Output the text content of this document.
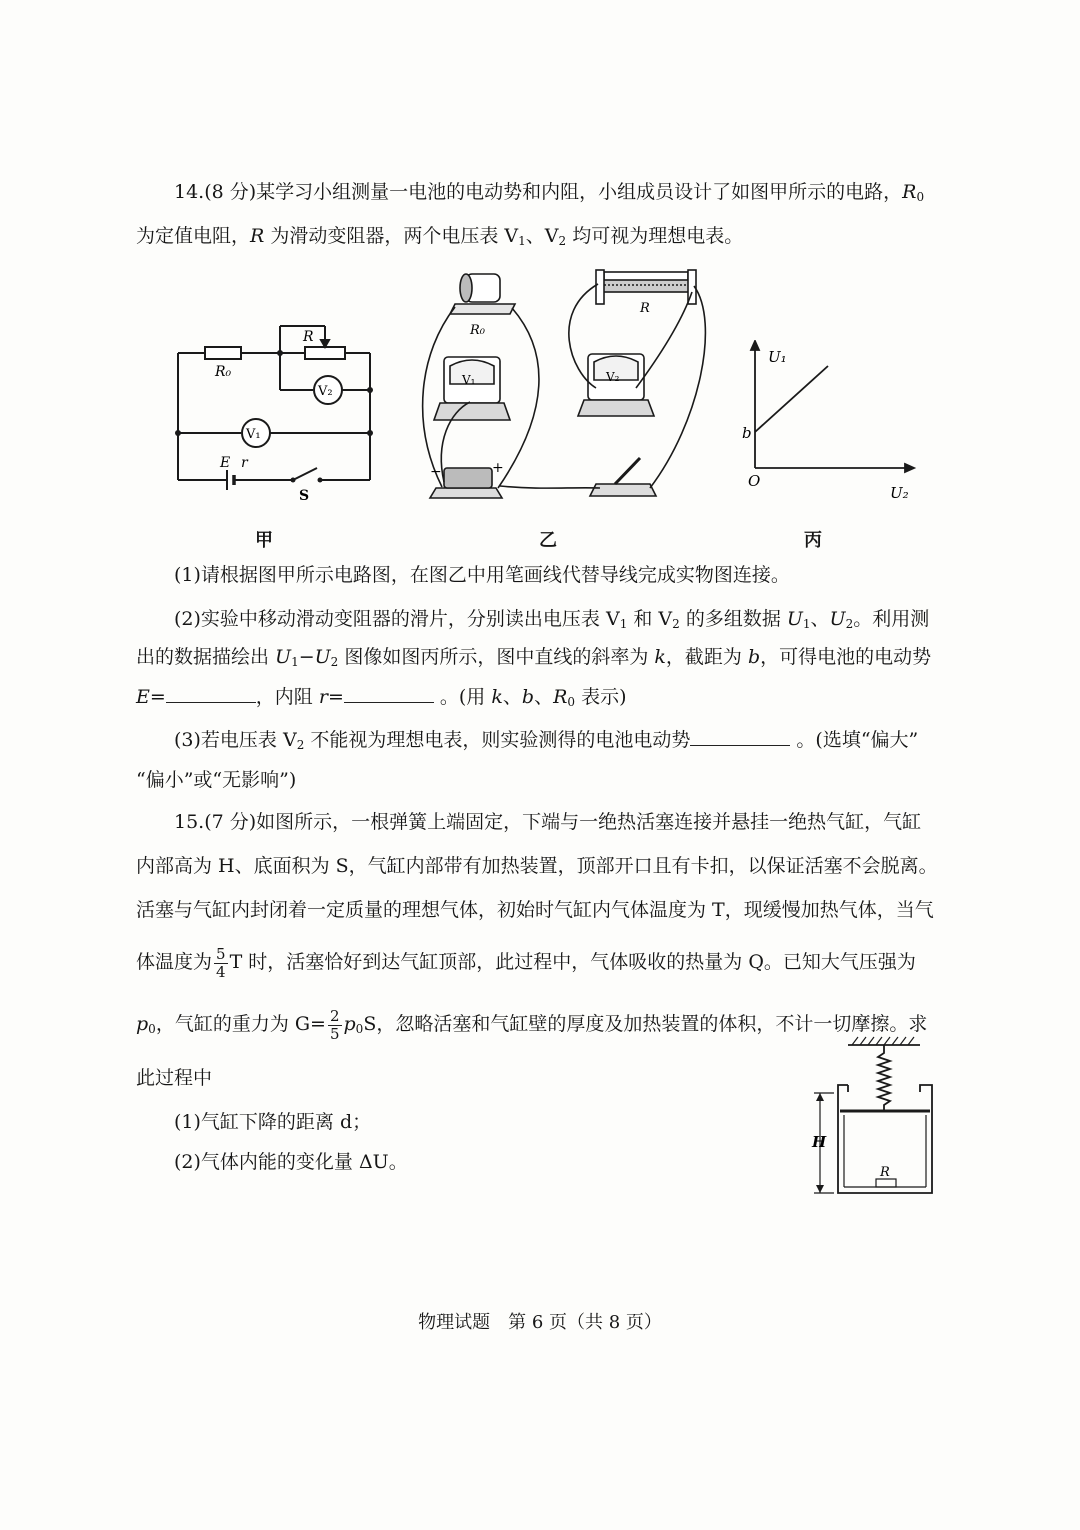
14.(8 分)某学习小组测量一电池的电动势和内阻，小组成员设计了如图甲所示的电路，$R_0$
为定值电阻，R 为滑动变阻器，两个电压表 $V_1$、$V_2$ 均可视为理想电表。
R₀
R
V₂
V₁
E r
S
R₀
R
V₁	V₂
−	+
U₁
b
O
U₂
甲	乙	丙
(1)请根据图甲所示电路图，在图乙中用笔画线代替导线完成实物图连接。
(2)实验中移动滑动变阻器的滑片，分别读出电压表 $V_1$ 和 $V_2$ 的多组数据 $U_1$、$U_2$。利用测
出的数据描绘出 $U_1-U_2$ 图像如图丙所示，图中直线的斜率为 k，截距为 b，可得电池的电动势
E=	，内阻 r=	。(用 k、b、$R_0$ 表示)
(3)若电压表 $V_2$ 不能视为理想电表，则实验测得的电池电动势	。(选填“偏大”
“偏小”或“无影响”)
15.(7 分)如图所示，一根弹簧上端固定，下端与一绝热活塞连接并悬挂一绝热气缸，气缸
内部高为 H、底面积为 S，气缸内部带有加热装置，顶部开口且有卡扣，以保证活塞不会脱离。
活塞与气缸内封闭着一定质量的理想气体，初始时气缸内气体温度为 T，现缓慢加热气体，当气
体温度为 $\frac{5}{4}$ T 时，活塞恰好到达气缸顶部，此过程中，气体吸收的热量为 Q。已知大气压强为
$p_0$，气缸的重力为 $G= \frac{2}{5} p_0S$，忽略活塞和气缸壁的厚度及加热装置的体积，不计一切摩擦。求
此过程中
(1)气缸下降的距离 d；
(2)气体内能的变化量 ΔU。
H
R
物理试题　第 6 页（共 8 页）
